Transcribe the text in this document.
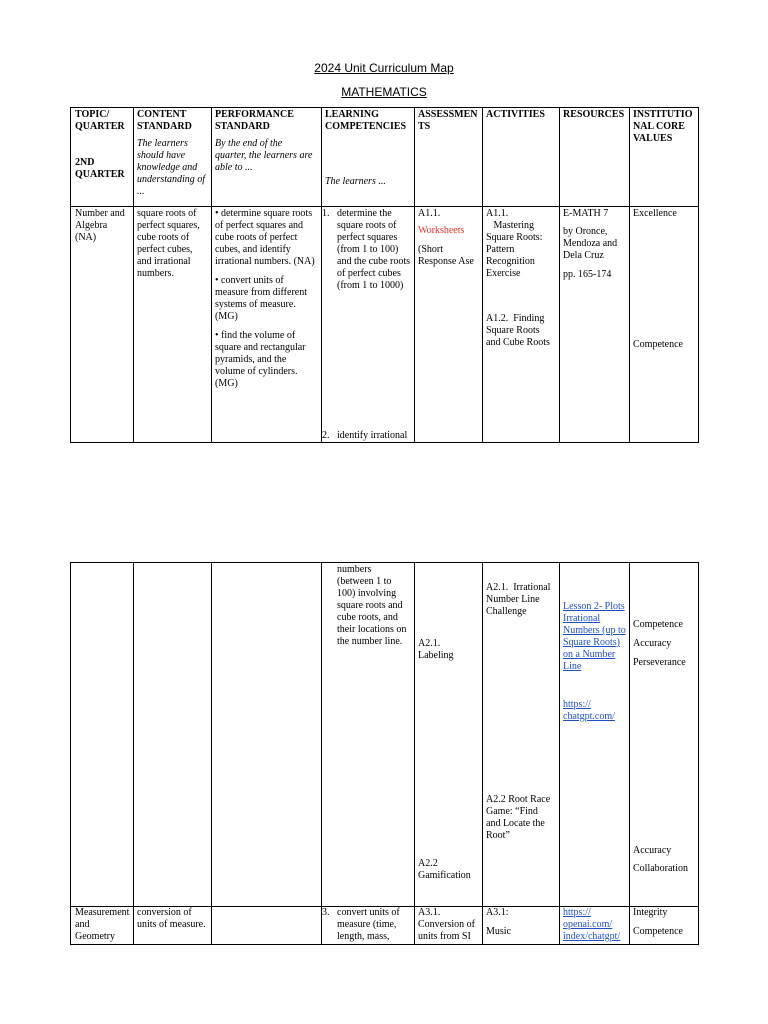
2024 Unit Curriculum Map
MATHEMATICS
TOPIC/
QUARTER
2ND
QUARTER
CONTENT
STANDARD
The learners
should have
knowledge and
understanding of
...
PERFORMANCE
STANDARD
By the end of the
quarter, the learners are
able to ...
LEARNING
COMPETENCIES
The learners ...
ASSESSMEN
TS
ACTIVITIES RESOURCES INSTITUTIO
NAL CORE
VALUES
Number and
Algebra
(NA)
square roots of
perfect squares,
cube roots of
perfect cubes,
and irrational
numbers.
• determine square roots
of perfect squares and
cube roots of perfect
cubes, and identify
irrational numbers. (NA)
• convert units of
measure from different
systems of measure.
(MG)
• find the volume of
square and rectangular
pyramids, and the
volume of cylinders.
(MG)
1. determine the
square roots of
perfect squares
(from 1 to 100)
and the cube roots
of perfect cubes
(from 1 to 1000)
2. identify irrational
A1.1.
Worksheets
(Short
Response Ase
A1.1.
Mastering
Square Roots:
Pattern
Recognition
Exercise
A1.2.  Finding
Square Roots
and Cube Roots
E-MATH 7
by Oronce,
Mendoza and
Dela Cruz
pp. 165-174
Excellence
Competence
numbers
(between 1 to
100) involving
square roots and
cube roots, and
their locations on
the number line.	A2.1.
Labeling
A2.2
Gamification
A2.1.  Irrational
Number Line
Challenge
A2.2 Root Race
Game: “Find
and Locate the
Root”
Lesson 2- Plots
Irrational
Numbers (up to
Square Roots)
on a Number
Line
https://
chatgpt.com/
Competence
Accuracy
Perseverance
Accuracy
Collaboration
Measurement
and
Geometry
conversion of
units of measure.
3. convert units of
measure (time,
length, mass,
A3.1.
Conversion of
units from SI
A3.1:
Music
https://
openai.com/
index/chatgpt/
Integrity
Competence
